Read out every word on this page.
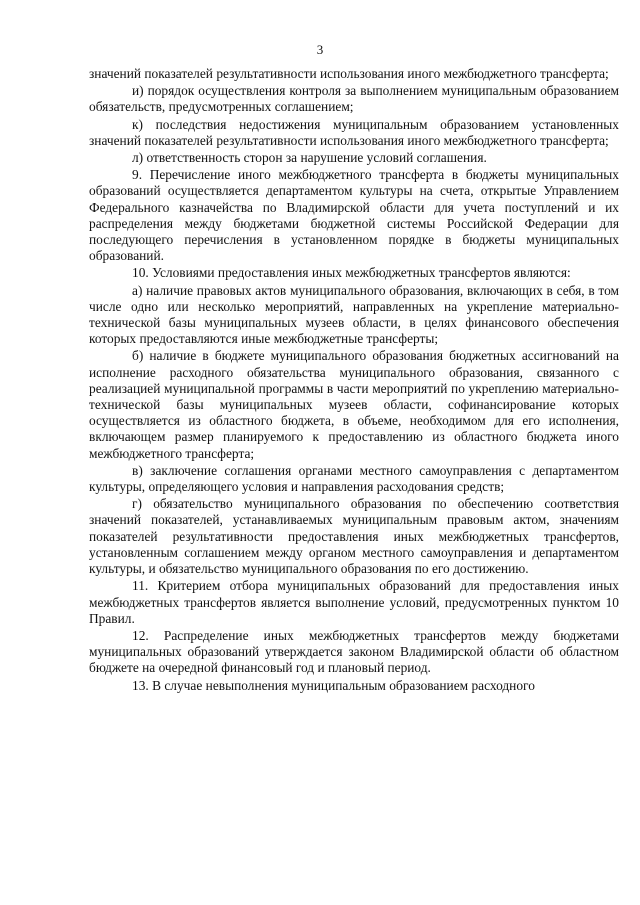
3

значений показателей результативности использования иного межбюджетного трансферта;

и) порядок осуществления контроля за выполнением муниципальным образованием обязательств, предусмотренных соглашением;

к) последствия недостижения муниципальным образованием установленных значений показателей результативности использования иного межбюджетного трансферта;

л) ответственность сторон за нарушение условий соглашения.

9. Перечисление иного межбюджетного трансферта в бюджеты муниципальных образований осуществляется департаментом культуры на счета, открытые Управлением Федерального казначейства по Владимирской области для учета поступлений и их распределения между бюджетами бюджетной системы Российской Федерации для последующего перечисления в установленном порядке в бюджеты муниципальных образований.

10. Условиями предоставления иных межбюджетных трансфертов являются:

а) наличие правовых актов муниципального образования, включающих в себя, в том числе одно или несколько мероприятий, направленных на укрепление материально-технической базы муниципальных музеев области, в целях финансового обеспечения которых предоставляются иные межбюджетные трансферты;

б) наличие в бюджете муниципального образования бюджетных ассигнований на исполнение расходного обязательства муниципального образования, связанного с реализацией муниципальной программы в части мероприятий по укреплению материально-технической базы муниципальных музеев области, софинансирование которых осуществляется из областного бюджета, в объеме, необходимом для его исполнения, включающем размер планируемого к предоставлению из областного бюджета иного межбюджетного трансферта;

в) заключение соглашения органами местного самоуправления с департаментом культуры, определяющего условия и направления расходования средств;

г) обязательство муниципального образования по обеспечению соответствия значений показателей, устанавливаемых муниципальным правовым актом, значениям показателей результативности предоставления иных межбюджетных трансфертов, установленным соглашением между органом местного самоуправления и департаментом культуры, и обязательство муниципального образования по его достижению.

11. Критерием отбора муниципальных образований для предоставления иных межбюджетных трансфертов является выполнение условий, предусмотренных пунктом 10 Правил.

12. Распределение иных межбюджетных трансфертов между бюджетами муниципальных образований утверждается законом Владимирской области об областном бюджете на очередной финансовый год и плановый период.

13. В случае невыполнения муниципальным образованием расходного
